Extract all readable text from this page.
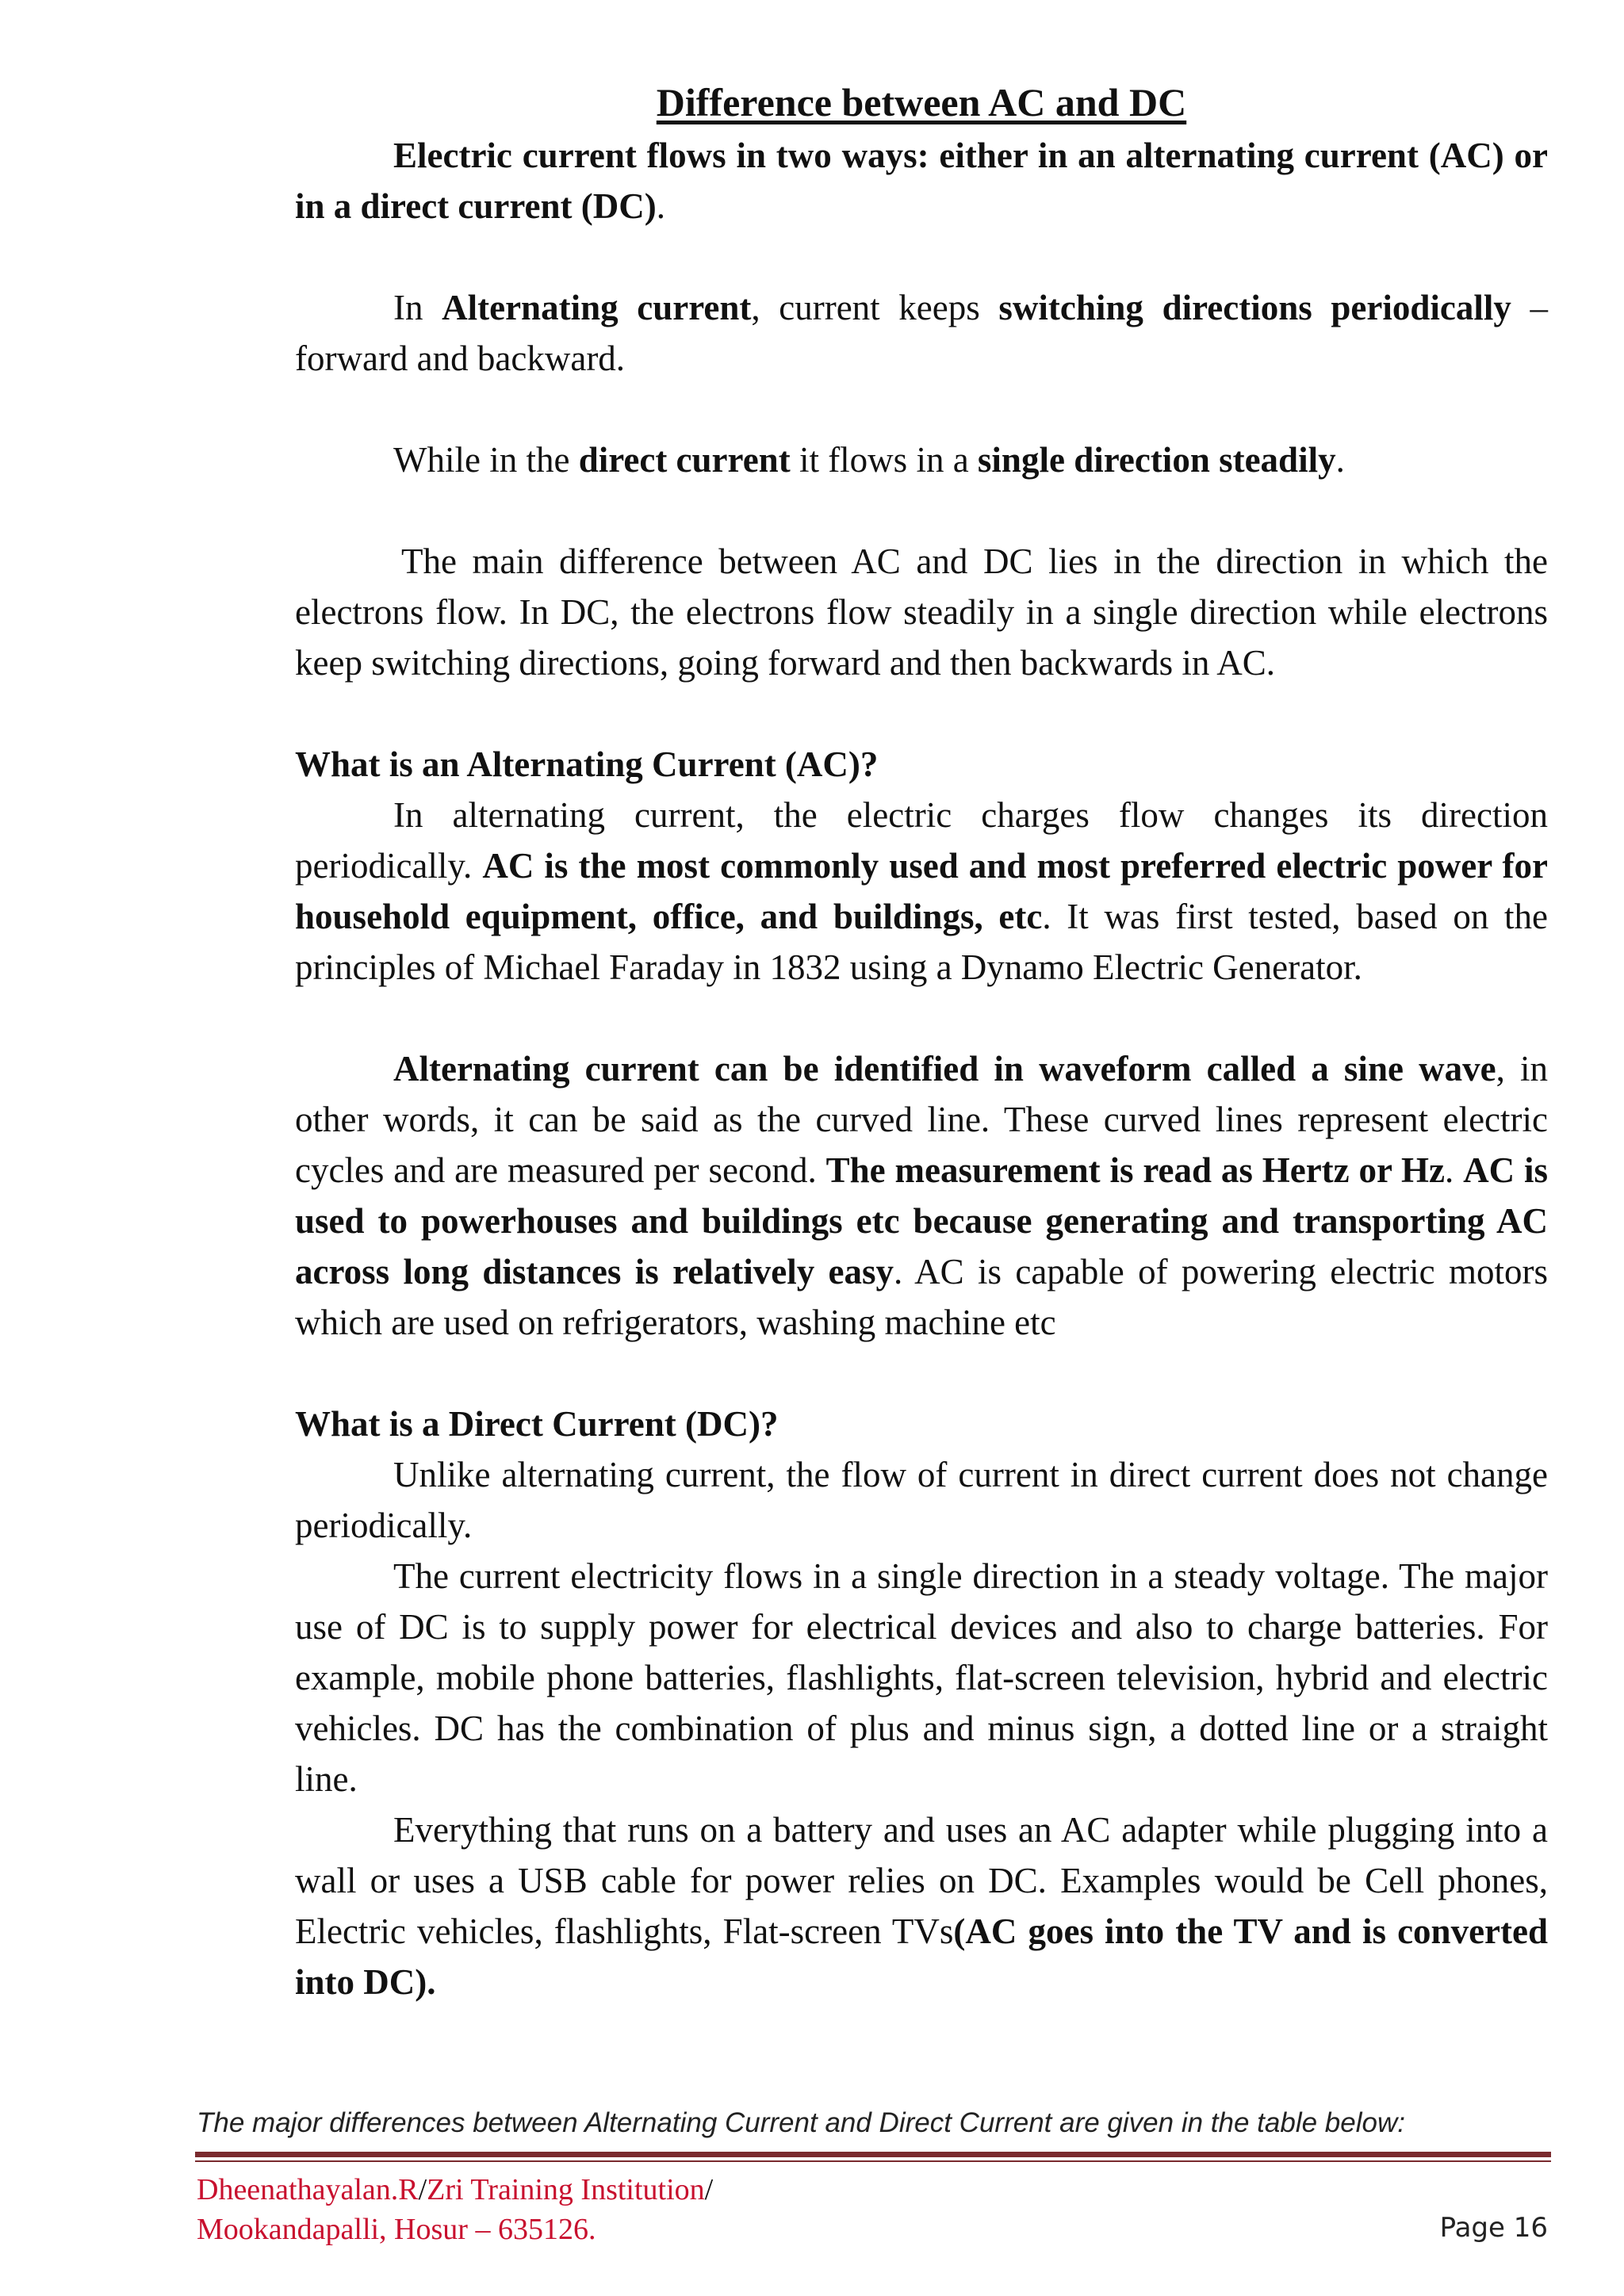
Difference between AC and DC

Electric current flows in two ways: either in an alternating current (AC) or in a direct current (DC).

In Alternating current, current keeps switching directions periodically – forward and backward.

While in the direct current it flows in a single direction steadily.

The main difference between AC and DC lies in the direction in which the electrons flow. In DC, the electrons flow steadily in a single direction while electrons keep switching directions, going forward and then backwards in AC.

What is an Alternating Current (AC)?

In alternating current, the electric charges flow changes its direction periodically. AC is the most commonly used and most preferred electric power for household equipment, office, and buildings, etc. It was first tested, based on the principles of Michael Faraday in 1832 using a Dynamo Electric Generator.

Alternating current can be identified in waveform called a sine wave, in other words, it can be said as the curved line. These curved lines represent electric cycles and are measured per second. The measurement is read as Hertz or Hz. AC is used to powerhouses and buildings etc because generating and transporting AC across long distances is relatively easy. AC is capable of powering electric motors which are used on refrigerators, washing machine etc

What is a Direct Current (DC)?

Unlike alternating current, the flow of current in direct current does not change periodically.

The current electricity flows in a single direction in a steady voltage. The major use of DC is to supply power for electrical devices and also to charge batteries. For example, mobile phone batteries, flashlights, flat-screen television, hybrid and electric vehicles. DC has the combination of plus and minus sign, a dotted line or a straight line.

Everything that runs on a battery and uses an AC adapter while plugging into a wall or uses a USB cable for power relies on DC. Examples would be Cell phones, Electric vehicles, flashlights, Flat-screen TVs(AC goes into the TV and is converted into DC).

The major differences between Alternating Current and Direct Current are given in the table below:

Dheenathayalan.R/Zri Training Institution/
Mookandapalli, Hosur – 635126.	Page 16
